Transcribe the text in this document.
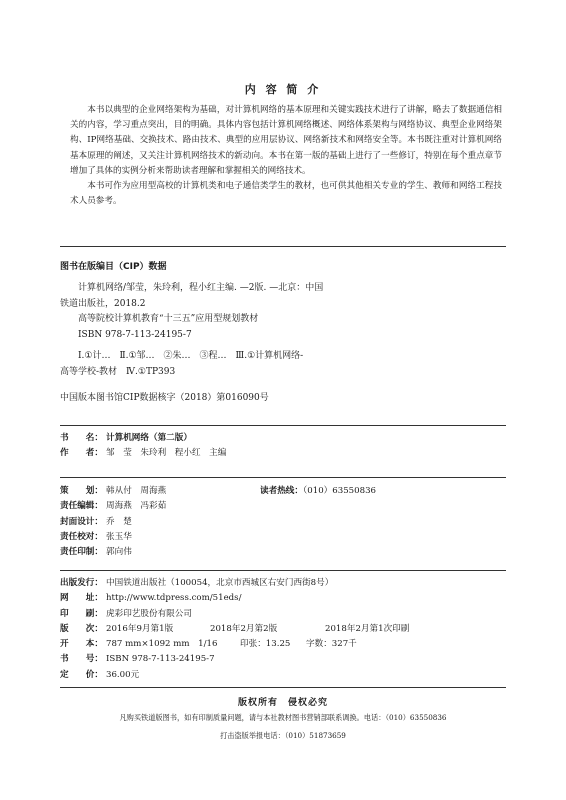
内 容 简 介

本书以典型的企业网络架构为基础，对计算机网络的基本原理和关键实践技术进行了讲解，略去了数据通信相关的内容，学习重点突出，目的明确。具体内容包括计算机网络概述、网络体系架构与网络协议、典型企业网络架构、IP网络基础、交换技术、路由技术、典型的应用层协议、网络新技术和网络安全等。本书既注重对计算机网络基本原理的阐述，又关注计算机网络技术的新动向。本书在第一版的基础上进行了一些修订，特别在每个重点章节增加了具体的实例分析来帮助读者理解和掌握相关的网络技术。

本书可作为应用型高校的计算机类和电子通信类学生的教材，也可供其他相关专业的学生、教师和网络工程技术人员参考。

图书在版编目（CIP）数据
计算机网络/邹莹，朱玲利，程小红主编. —2版. —北京：中国
铁道出版社，2018.2
高等院校计算机教育“十三五”应用型规划教材
ISBN 978-7-113-24195-7
Ⅰ.①计…　Ⅱ.①邹…　②朱…　③程…　Ⅲ.①计算机网络-
高等学校-教材　Ⅳ.①TP393
中国版本图书馆CIP数据核字（2018）第016090号
书　　名： 计算机网络（第二版）
作　　者： 邹　莹　朱玲利　程小红　主编
策　　划： 韩从付　周海燕	读者热线：（010）63550836
责任编辑： 周海燕　冯彩茹
封面设计： 乔　楚
责任校对： 张玉华
责任印制： 郭向伟
出版发行： 中国铁道出版社（100054，北京市西城区右安门西街8号）
网　　址： http://www.tdpress.com/51eds/
印　　刷： 虎彩印艺股份有限公司
版　　次： 2016年9月第1版	2018年2月第2版	2018年2月第1次印刷
开　　本： 787 mm×1092 mm　1/16	印张：13.25 字数：327千
书　　号： ISBN 978-7-113-24195-7
定　　价： 36.00元
版权所有　侵权必究
凡购买铁道版图书，如有印制质量问题，请与本社教材图书营销部联系调换。电话：（010）63550836
打击盗版举报电话：（010）51873659
